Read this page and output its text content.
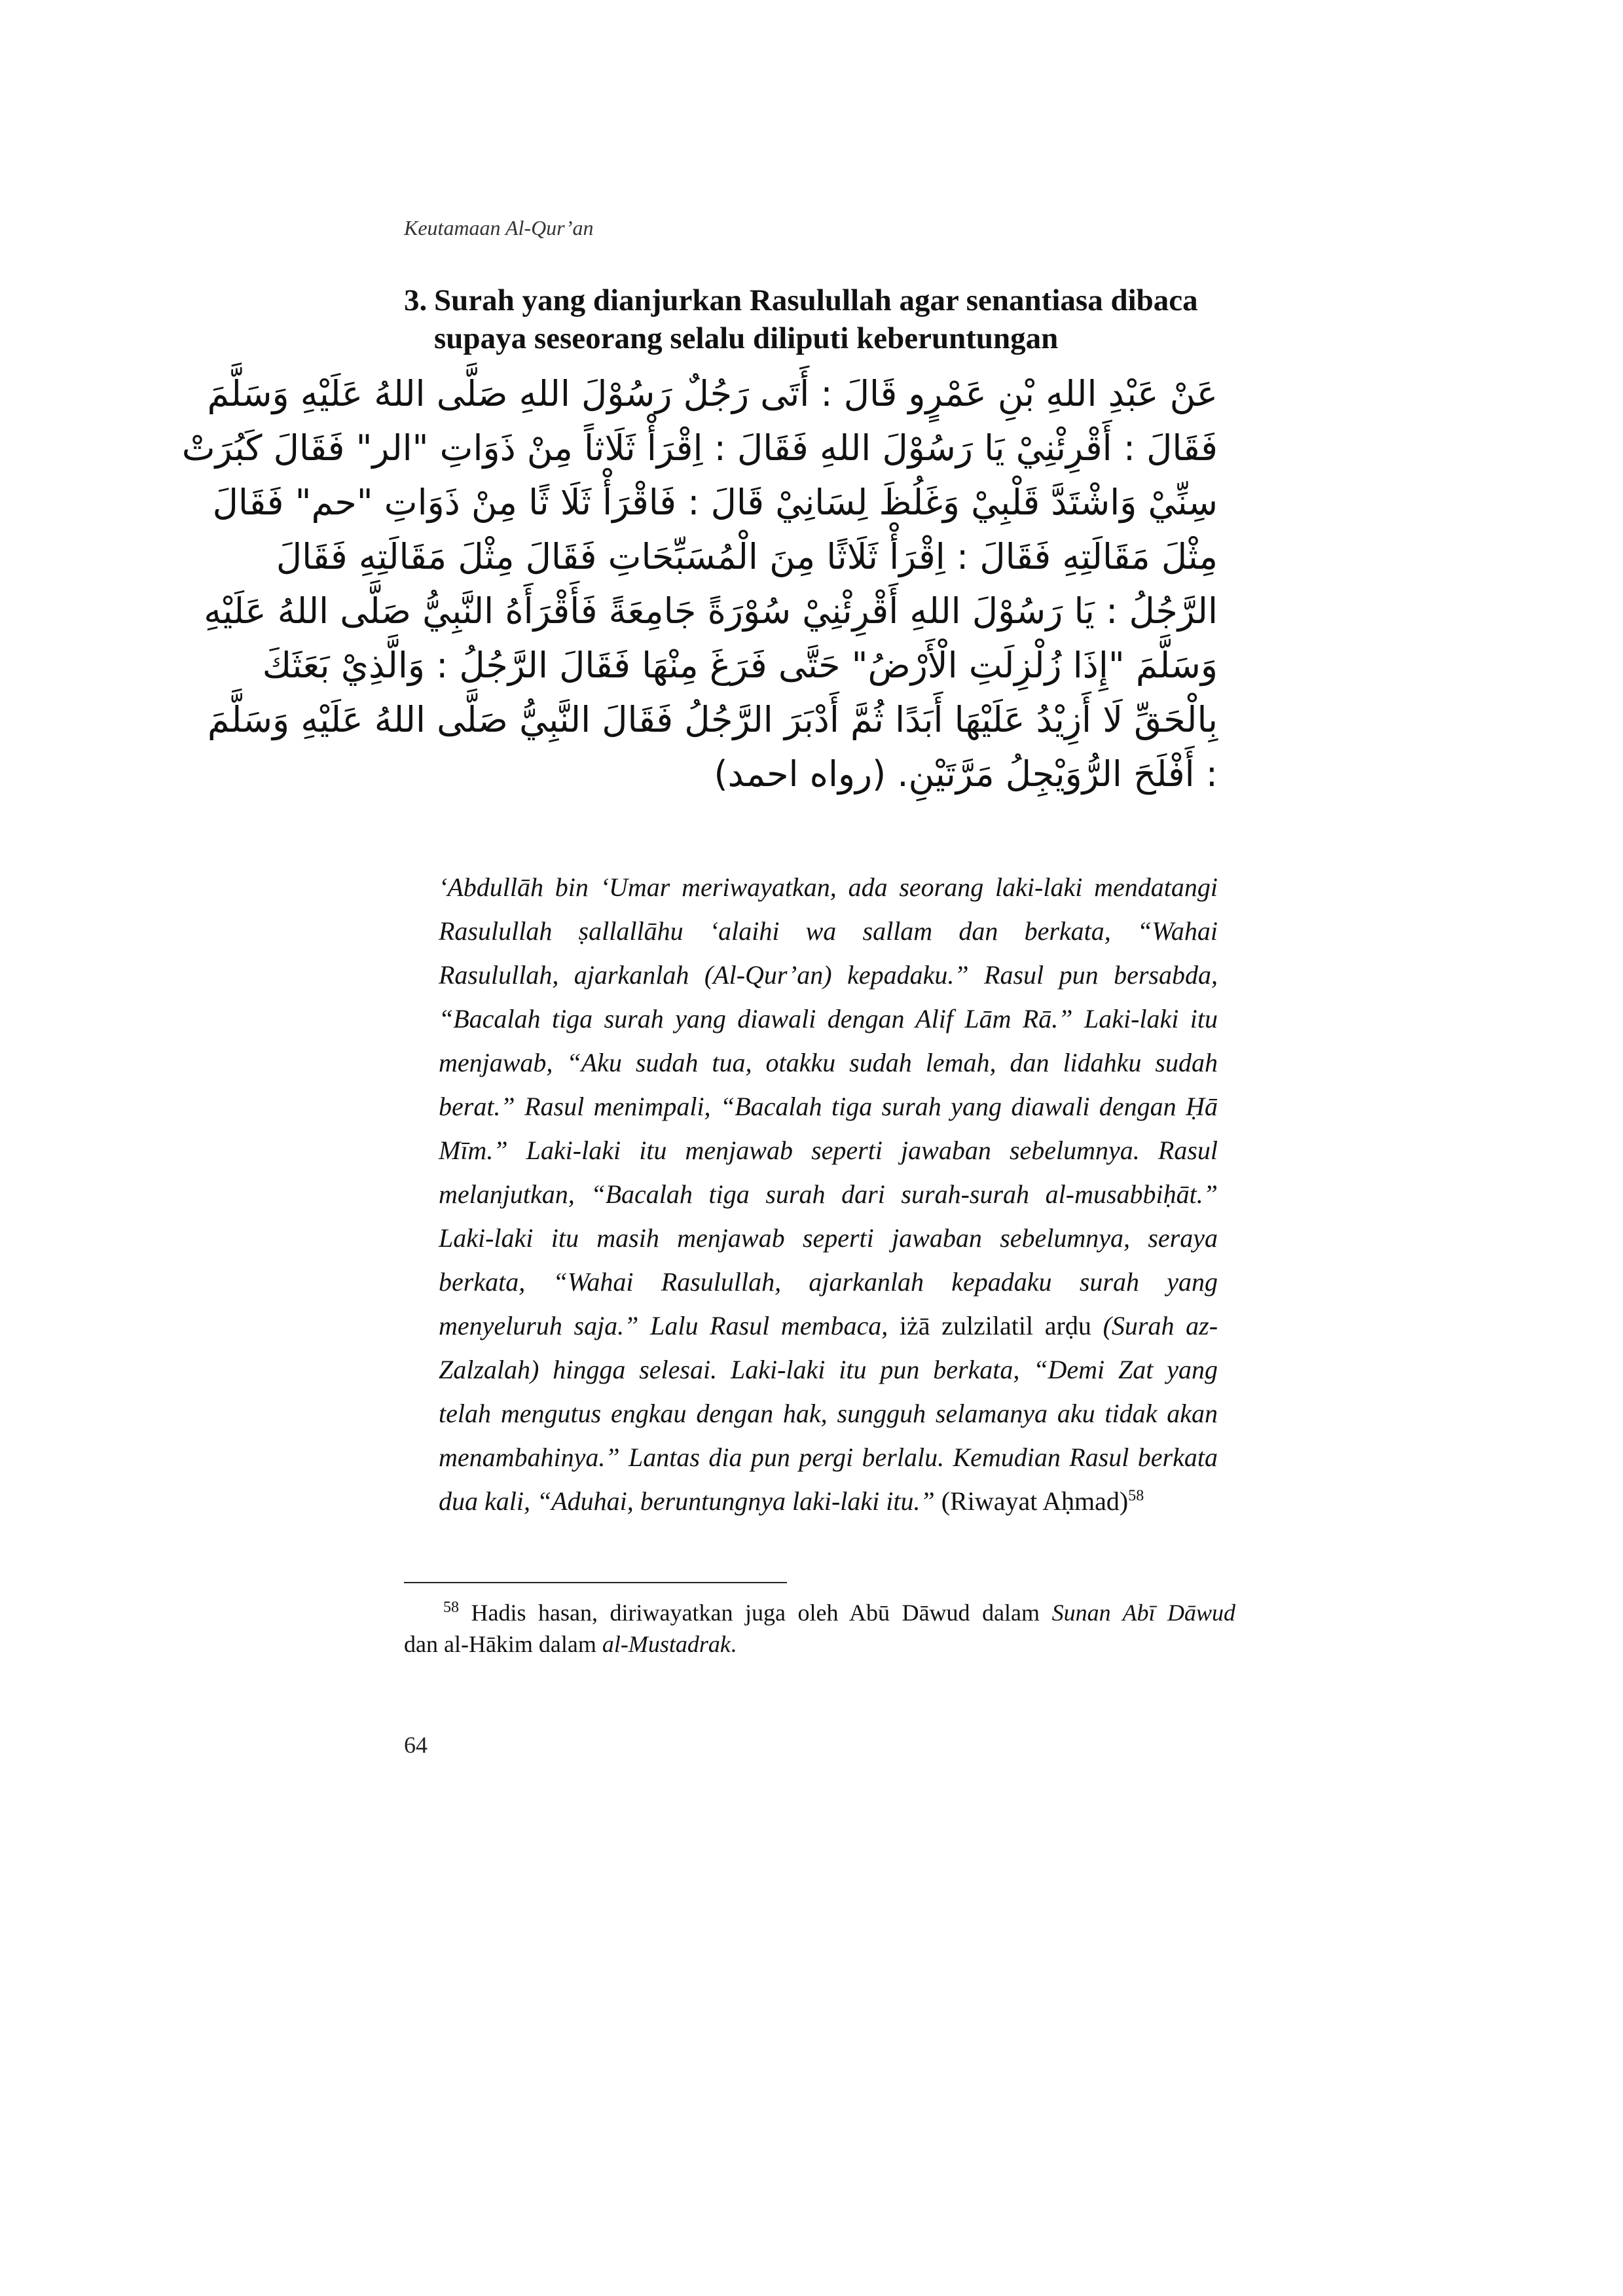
Keutamaan Al-Qur’an
3. Surah yang dianjurkan Rasulullah agar senantiasa dibaca
supaya seseorang selalu diliputi keberuntungan
عَنْ عَبْدِ اللهِ بْنِ عَمْرٍو قَالَ : أَتَى رَجُلٌ رَسُوْلَ اللهِ صَلَّى اللهُ عَلَيْهِ وَسَلَّمَ
فَقَالَ : أَقْرِئْنِيْ يَا رَسُوْلَ اللهِ فَقَالَ : اِقْرَأْ ثَلَاثاً مِنْ ذَوَاتِ "الر" فَقَالَ كَبُرَتْ
سِنِّيْ وَاشْتَدَّ قَلْبِيْ وَغَلُظَ لِسَانِيْ قَالَ : فَاقْرَأْ ثَلَا ثًا مِنْ ذَوَاتِ "حم" فَقَالَ
مِثْلَ مَقَالَتِهِ فَقَالَ : اِقْرَأْ ثَلَاثًا مِنَ الْمُسَبِّحَاتِ فَقَالَ مِثْلَ مَقَالَتِهِ فَقَالَ
الرَّجُلُ : يَا رَسُوْلَ اللهِ أَقْرِئْنِيْ سُوْرَةً جَامِعَةً فَأَقْرَأَهُ النَّبِيُّ صَلَّى اللهُ عَلَيْهِ
وَسَلَّمَ "إِذَا زُلْزِلَتِ الْأَرْضُ" حَتَّى فَرَغَ مِنْهَا فَقَالَ الرَّجُلُ : وَالَّذِيْ بَعَثَكَ
بِالْحَقِّ لَا أَزِيْدُ عَلَيْهَا أَبَدًا ثُمَّ أَدْبَرَ الرَّجُلُ فَقَالَ النَّبِيُّ صَلَّى اللهُ عَلَيْهِ وَسَلَّمَ
: أَفْلَحَ الرُّوَيْجِلُ مَرَّتَيْنِ. (رواه احمد)
‘Abdullāh bin ‘Umar meriwayatkan, ada seorang laki-laki mendatangi
Rasulullah ṣallallāhu ‘alaihi wa sallam dan berkata, “Wahai
Rasulullah, ajarkanlah (Al-Qur’an) kepadaku.” Rasul pun bersabda,
“Bacalah tiga surah yang diawali dengan Alif Lām Rā.” Laki-laki itu
menjawab, “Aku sudah tua, otakku sudah lemah, dan lidahku sudah
berat.” Rasul menimpali, “Bacalah tiga surah yang diawali dengan Ḥā
Mīm.” Laki-laki itu menjawab seperti jawaban sebelumnya. Rasul
melanjutkan, “Bacalah tiga surah dari surah-surah al-musabbiḥāt.”
Laki-laki itu masih menjawab seperti jawaban sebelumnya, seraya
berkata, “Wahai Rasulullah, ajarkanlah kepadaku surah yang
menyeluruh saja.” Lalu Rasul membaca, iżā zulzilatil arḍu (Surah az-
Zalzalah) hingga selesai. Laki-laki itu pun berkata, “Demi Zat yang
telah mengutus engkau dengan hak, sungguh selamanya aku tidak akan
menambahinya.” Lantas dia pun pergi berlalu. Kemudian Rasul berkata
dua kali, “Aduhai, beruntungnya laki-laki itu.” (Riwayat Aḥmad)$^{58}$
$^{58}$ Hadis hasan, diriwayatkan juga oleh Abū Dāwud dalam Sunan Abī Dāwud
dan al-Hākim dalam al-Mustadrak.
64
